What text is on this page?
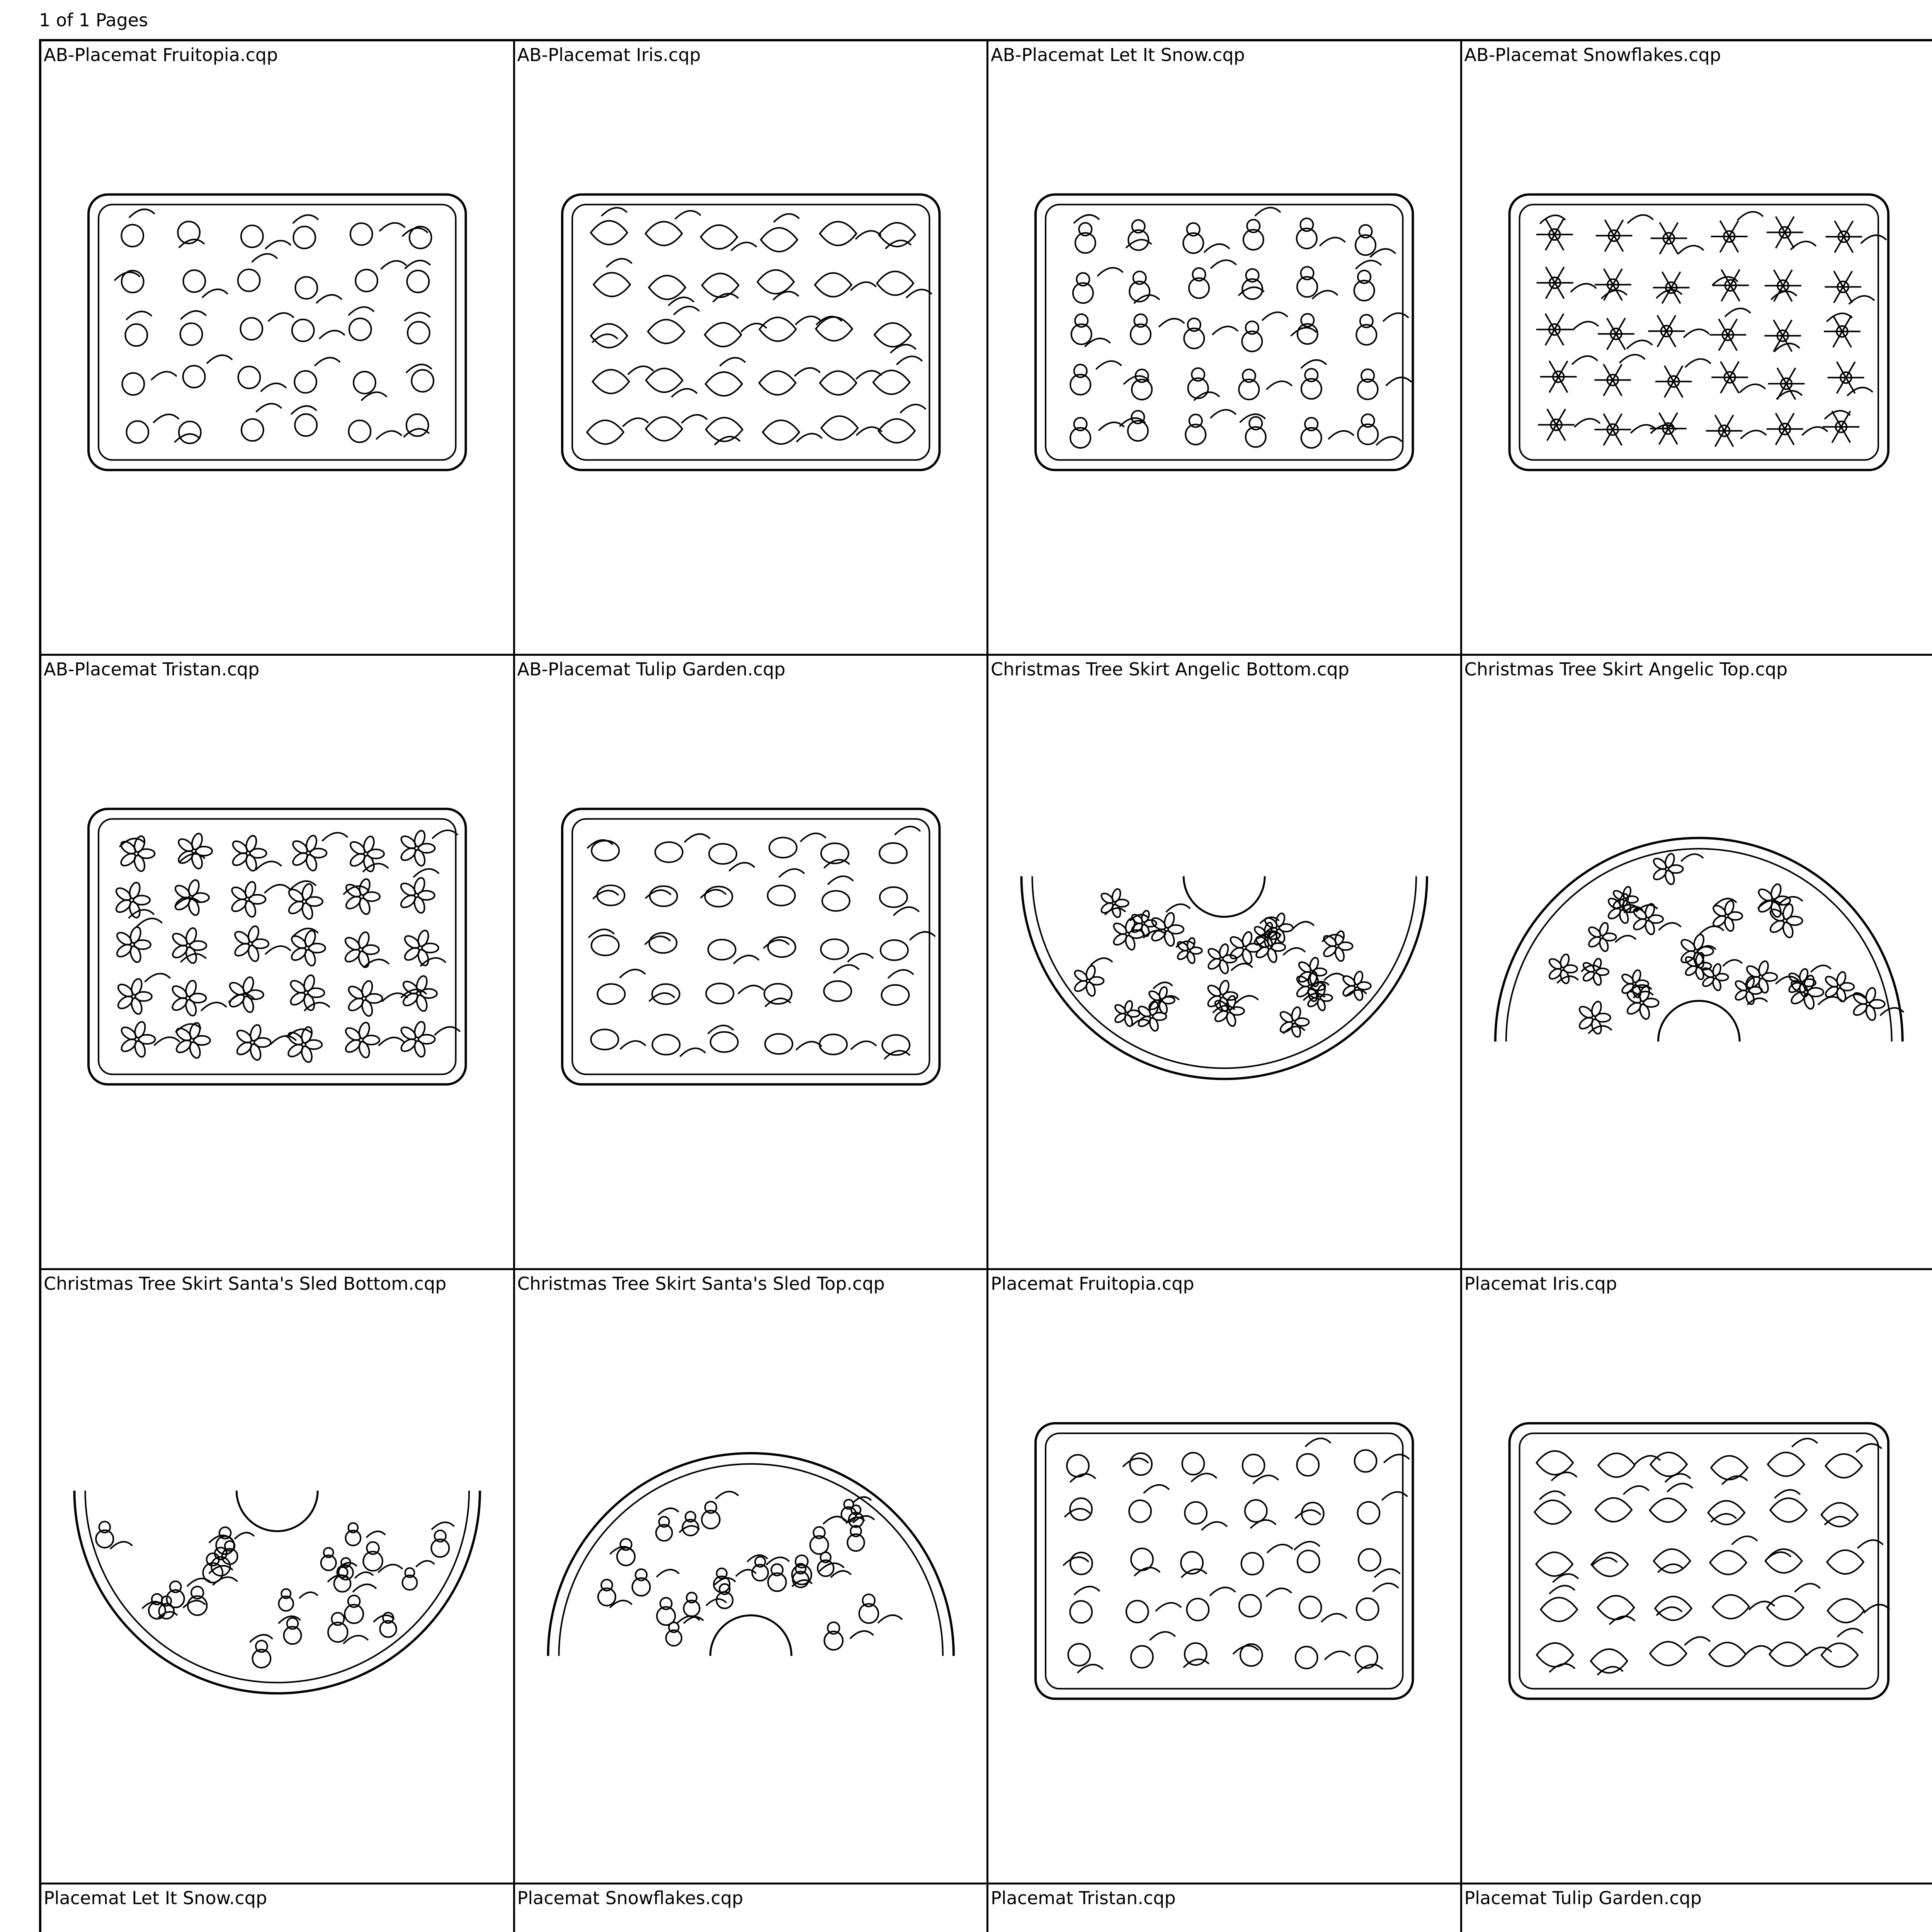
1 of 1 Pages
AB-Placemat Fruitopia.cqp	AB-Placemat Iris.cqp	AB-Placemat Let It Snow.cqp	AB-Placemat Snowflakes.cqp
AB-Placemat Tristan.cqp	AB-Placemat Tulip Garden.cqp	Christmas Tree Skirt Angelic Bottom.cqp	Christmas Tree Skirt Angelic Top.cqp
Christmas Tree Skirt Santa's Sled Bottom.cqp	Christmas Tree Skirt Santa's Sled Top.cqp	Placemat Fruitopia.cqp	Placemat Iris.cqp
Placemat Let It Snow.cqp	Placemat Snowflakes.cqp	Placemat Tristan.cqp	Placemat Tulip Garden.cqp
